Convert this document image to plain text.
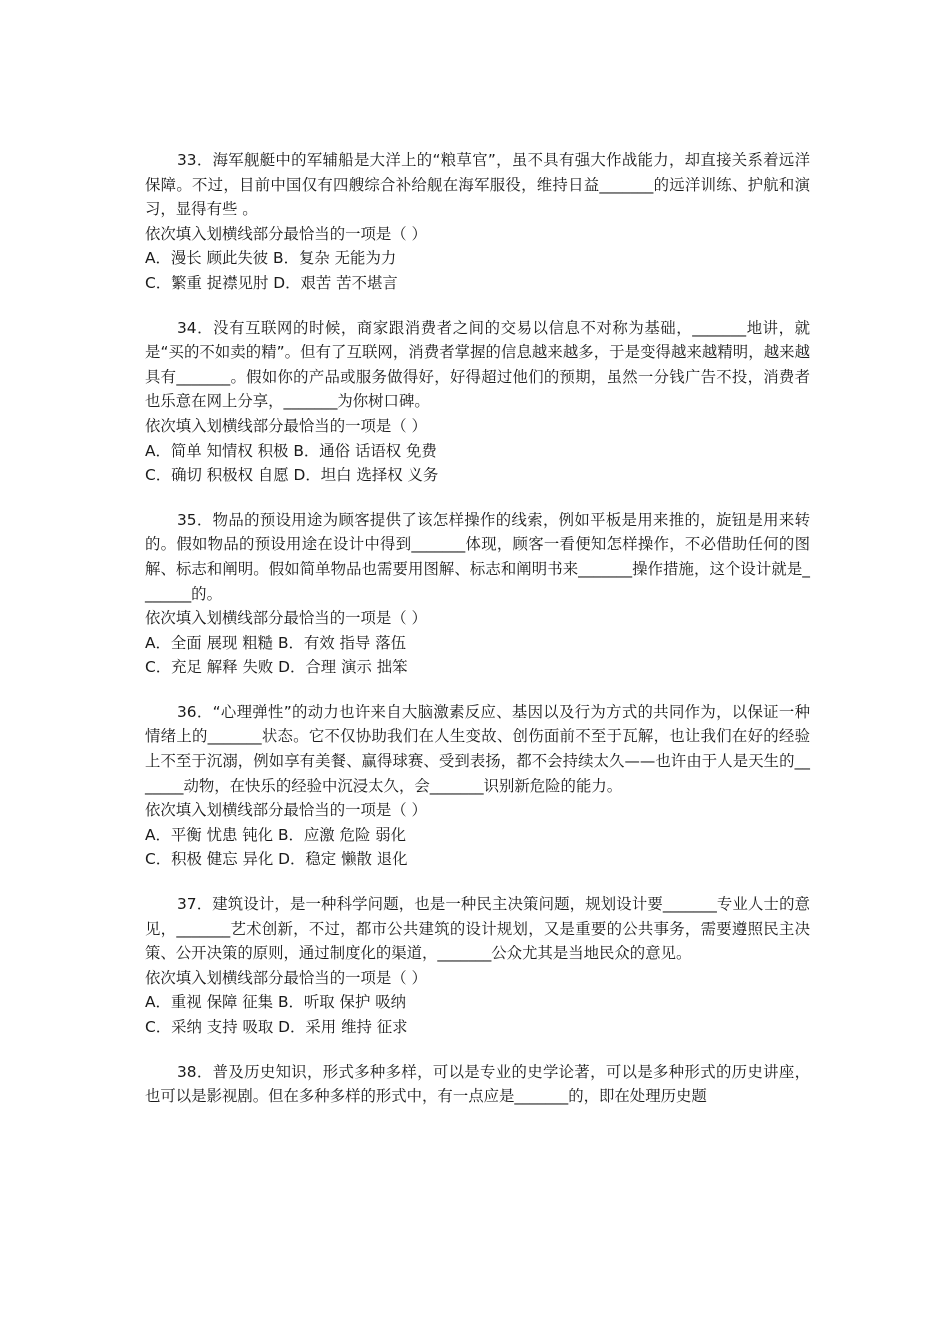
33．海军舰艇中的军辅船是大洋上的“粮草官”，虽不具有强大作战能力，却直接关系着远洋保障。不过，目前中国仅有四艘综合补给舰在海军服役，维持日益_______的远洋训练、护航和演习，显得有些 。

依次填入划横线部分最恰当的一项是（ ）

A．漫长 顾此失彼 B．复杂 无能为力

C．繁重 捉襟见肘 D．艰苦 苦不堪言

34．没有互联网的时候，商家跟消费者之间的交易以信息不对称为基础，_______地讲，就是“买的不如卖的精”。但有了互联网，消费者掌握的信息越来越多，于是变得越来越精明，越来越具有_______。假如你的产品或服务做得好，好得超过他们的预期，虽然一分钱广告不投，消费者也乐意在网上分享，_______为你树口碑。

依次填入划横线部分最恰当的一项是（ ）

A．简单 知情权 积极 B．通俗 话语权 免费

C．确切 积极权 自愿 D．坦白 选择权 义务

35．物品的预设用途为顾客提供了该怎样操作的线索，例如平板是用来推的，旋钮是用来转的。假如物品的预设用途在设计中得到_______体现，顾客一看便知怎样操作，不必借助任何的图解、标志和阐明。假如简单物品也需要用图解、标志和阐明书来_______操作措施，这个设计就是_______的。

依次填入划横线部分最恰当的一项是（ ）

A．全面 展现 粗糙 B．有效 指导 落伍

C．充足 解释 失败 D．合理 演示 拙笨

36．“心理弹性”的动力也许来自大脑激素反应、基因以及行为方式的共同作为，以保证一种情绪上的_______状态。它不仅协助我们在人生变故、创伤面前不至于瓦解，也让我们在好的经验上不至于沉溺，例如享有美餐、赢得球赛、受到表扬，都不会持续太久——也许由于人是天生的_______动物，在快乐的经验中沉浸太久，会_______识别新危险的能力。

依次填入划横线部分最恰当的一项是（ ）

A．平衡 忧患 钝化 B．应激 危险 弱化

C．积极 健忘 异化 D．稳定 懒散 退化

37．建筑设计，是一种科学问题，也是一种民主决策问题，规划设计要_______专业人士的意见，_______艺术创新，不过，都市公共建筑的设计规划，又是重要的公共事务，需要遵照民主决策、公开决策的原则，通过制度化的渠道，_______公众尤其是当地民众的意见。

依次填入划横线部分最恰当的一项是（ ）

A．重视 保障 征集 B．听取 保护 吸纳

C．采纳 支持 吸取 D．采用 维持 征求

38．普及历史知识，形式多种多样，可以是专业的史学论著，可以是多种形式的历史讲座，也可以是影视剧。但在多种多样的形式中，有一点应是_______的，即在处理历史题
